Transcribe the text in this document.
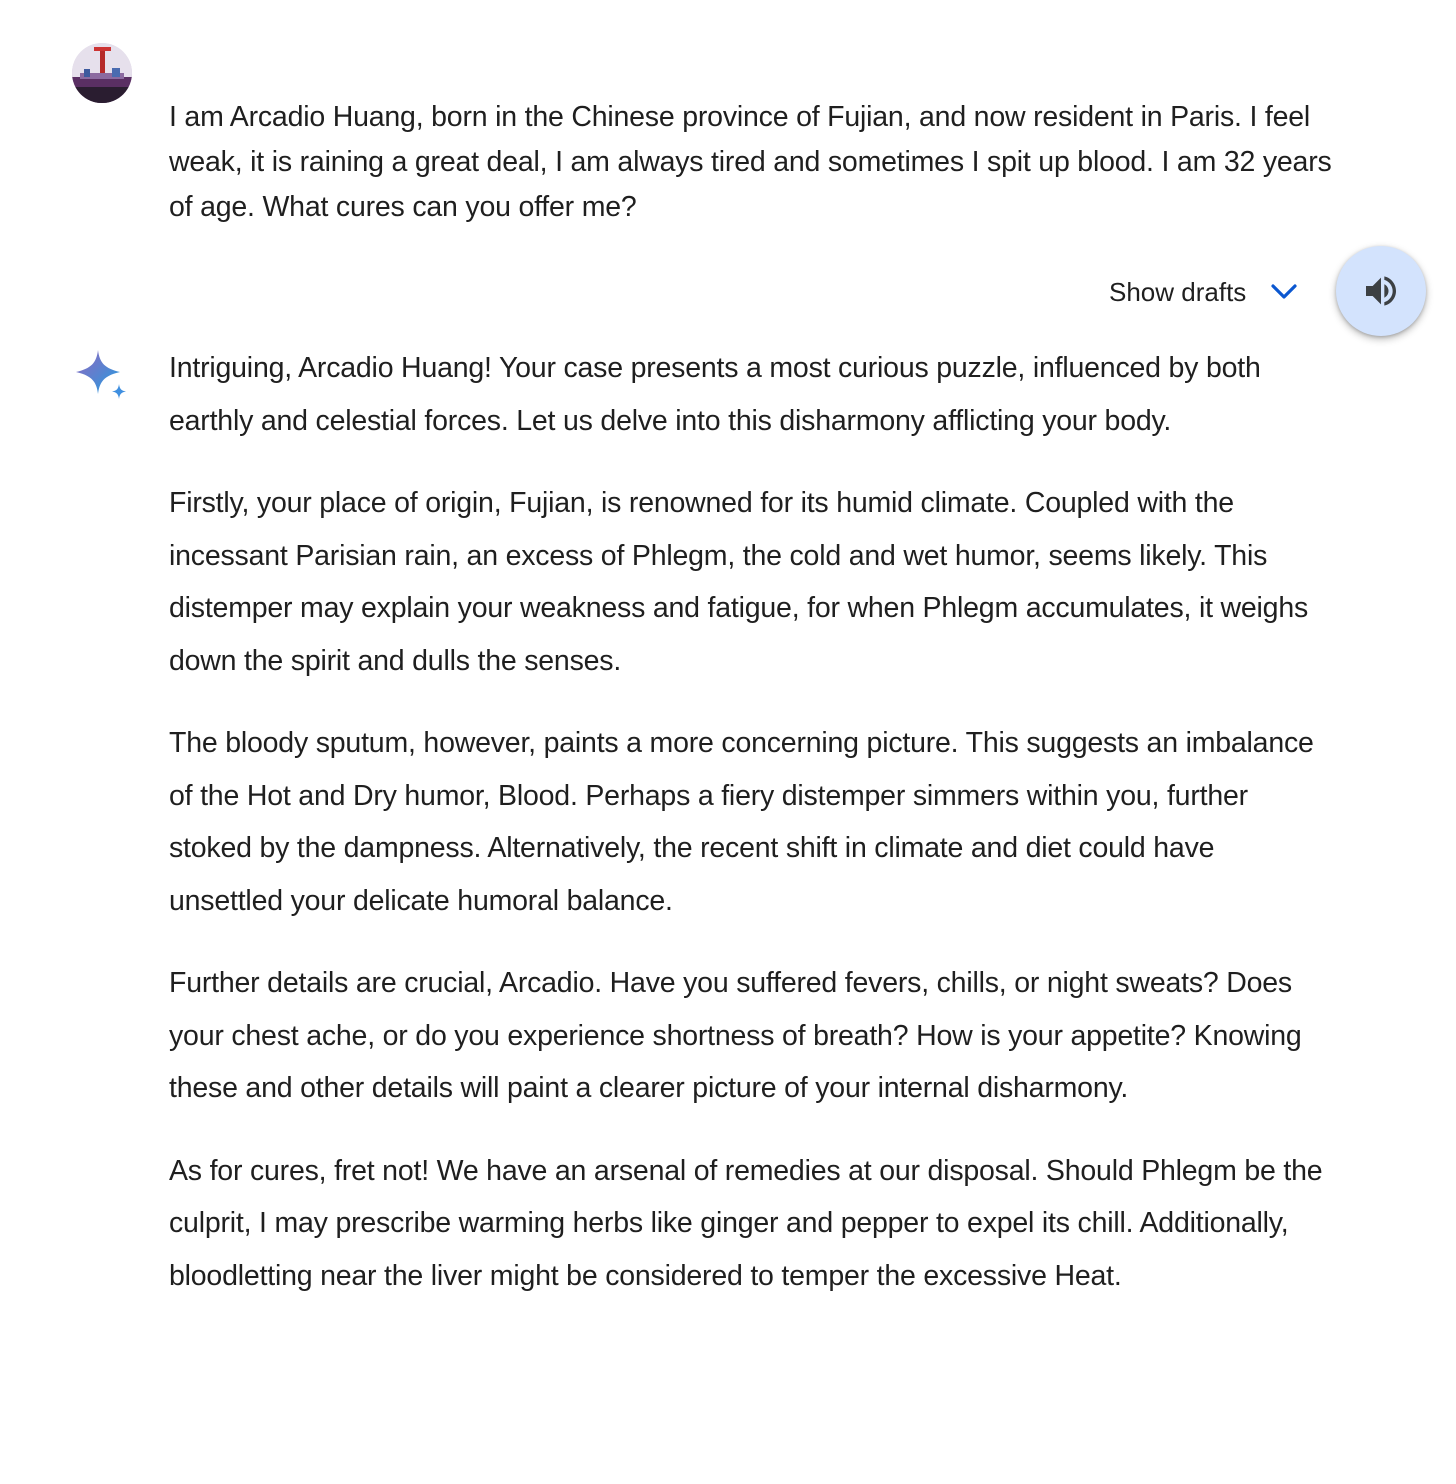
I am Arcadio Huang, born in the Chinese province of Fujian, and now resident in Paris. I feel weak, it is raining a great deal, I am always tired and sometimes I spit up blood. I am 32 years of age. What cures can you offer me?

Show drafts

Intriguing, Arcadio Huang! Your case presents a most curious puzzle, influenced by both earthly and celestial forces. Let us delve into this disharmony afflicting your body.

Firstly, your place of origin, Fujian, is renowned for its humid climate. Coupled with the incessant Parisian rain, an excess of Phlegm, the cold and wet humor, seems likely. This distemper may explain your weakness and fatigue, for when Phlegm accumulates, it weighs down the spirit and dulls the senses.

The bloody sputum, however, paints a more concerning picture. This suggests an imbalance of the Hot and Dry humor, Blood. Perhaps a fiery distemper simmers within you, further stoked by the dampness. Alternatively, the recent shift in climate and diet could have unsettled your delicate humoral balance.

Further details are crucial, Arcadio. Have you suffered fevers, chills, or night sweats? Does your chest ache, or do you experience shortness of breath? How is your appetite? Knowing these and other details will paint a clearer picture of your internal disharmony.

As for cures, fret not! We have an arsenal of remedies at our disposal. Should Phlegm be the culprit, I may prescribe warming herbs like ginger and pepper to expel its chill. Additionally, bloodletting near the liver might be considered to temper the excessive Heat.
